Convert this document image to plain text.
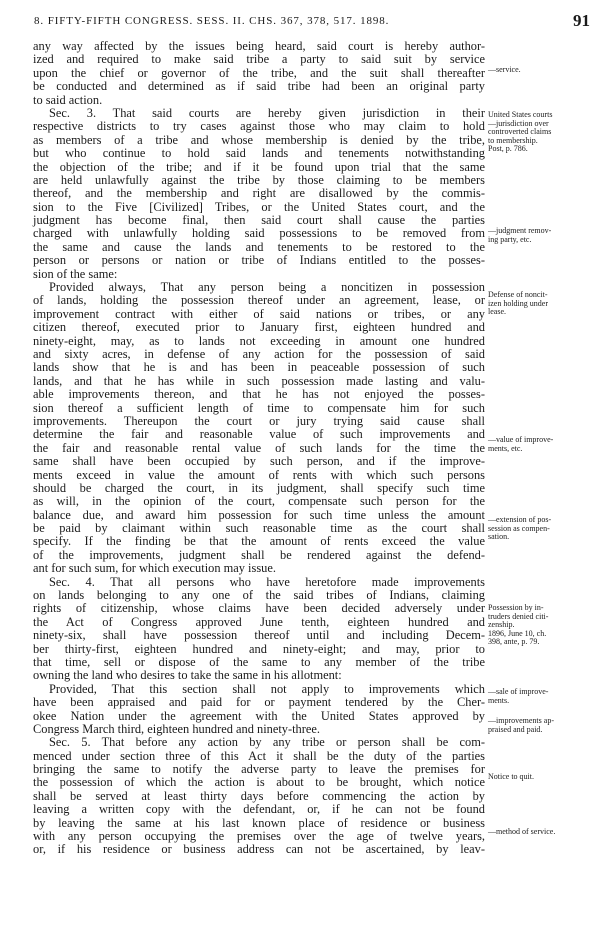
8. FIFTY-FIFTH CONGRESS. SESS. II. CHS. 367, 378, 517. 1898.	91
any way affected by the issues being heard, said court is hereby author-
ized and required to make said tribe a party to said suit by service
upon the chief or governor of the tribe, and the suit shall thereafter
be conducted and determined as if said tribe had been an original party
to said action.
Sec. 3. That said courts are hereby given jurisdiction in their
respective districts to try cases against those who may claim to hold
as members of a tribe and whose membership is denied by the tribe,
but who continue to hold said lands and tenements notwithstanding
the objection of the tribe; and if it be found upon trial that the same
are held unlawfully against the tribe by those claiming to be members
thereof, and the membership and right are disallowed by the commis-
sion to the Five [Civilized] Tribes, or the United States court, and the
judgment has become final, then said court shall cause the parties
charged with unlawfully holding said possessions to be removed from
the same and cause the lands and tenements to be restored to the
person or persons or nation or tribe of Indians entitled to the posses-
sion of the same:
Provided always, That any person being a noncitizen in possession
of lands, holding the possession thereof under an agreement, lease, or
improvement contract with either of said nations or tribes, or any
citizen thereof, executed prior to January first, eighteen hundred and
ninety-eight, may, as to lands not exceeding in amount one hundred
and sixty acres, in defense of any action for the possession of said
lands show that he is and has been in peaceable possession of such
lands, and that he has while in such possession made lasting and valu-
able improvements thereon, and that he has not enjoyed the posses-
sion thereof a sufficient length of time to compensate him for such
improvements. Thereupon the court or jury trying said cause shall
determine the fair and reasonable value of such improvements and
the fair and reasonable rental value of such lands for the time the
same shall have been occupied by such person, and if the improve-
ments exceed in value the amount of rents with which such persons
should be charged the court, in its judgment, shall specify such time
as will, in the opinion of the court, compensate such person for the
balance due, and award him possession for such time unless the amount
be paid by claimant within such reasonable time as the court shall
specify. If the finding be that the amount of rents exceed the value
of the improvements, judgment shall be rendered against the defend-
ant for such sum, for which execution may issue.
Sec. 4. That all persons who have heretofore made improvements
on lands belonging to any one of the said tribes of Indians, claiming
rights of citizenship, whose claims have been decided adversely under
the Act of Congress approved June tenth, eighteen hundred and
ninety-six, shall have possession thereof until and including Decem-
ber thirty-first, eighteen hundred and ninety-eight; and may, prior to
that time, sell or dispose of the same to any member of the tribe
owning the land who desires to take the same in his allotment:
Provided, That this section shall not apply to improvements which
have been appraised and paid for or payment tendered by the Cher-
okee Nation under the agreement with the United States approved by
Congress March third, eighteen hundred and ninety-three.
Sec. 5. That before any action by any tribe or person shall be com-
menced under section three of this Act it shall be the duty of the parties
bringing the same to notify the adverse party to leave the premises for
the possession of which the action is about to be brought, which notice
shall be served at least thirty days before commencing the action by
leaving a written copy with the defendant, or, if he can not be found
by leaving the same at his last known place of residence or business
with any person occupying the premises over the age of twelve years,
or, if his residence or business address can not be ascertained, by leav-
—service.
United States courts
—jurisdiction over
controverted claims
to membership.
Post, p. 786.
—judgment remov-
ing party, etc.
Defense of noncit-
izen holding under
lease.
—value of improve-
ments, etc.
—extension of pos-
session as compen-
sation.
Possession by in-
truders denied citi-
zenship.
1896, June 10, ch.
398, ante, p. 79.
—sale of improve-
ments.
—improvements ap-
praised and paid.
Notice to quit.
—method of service.
